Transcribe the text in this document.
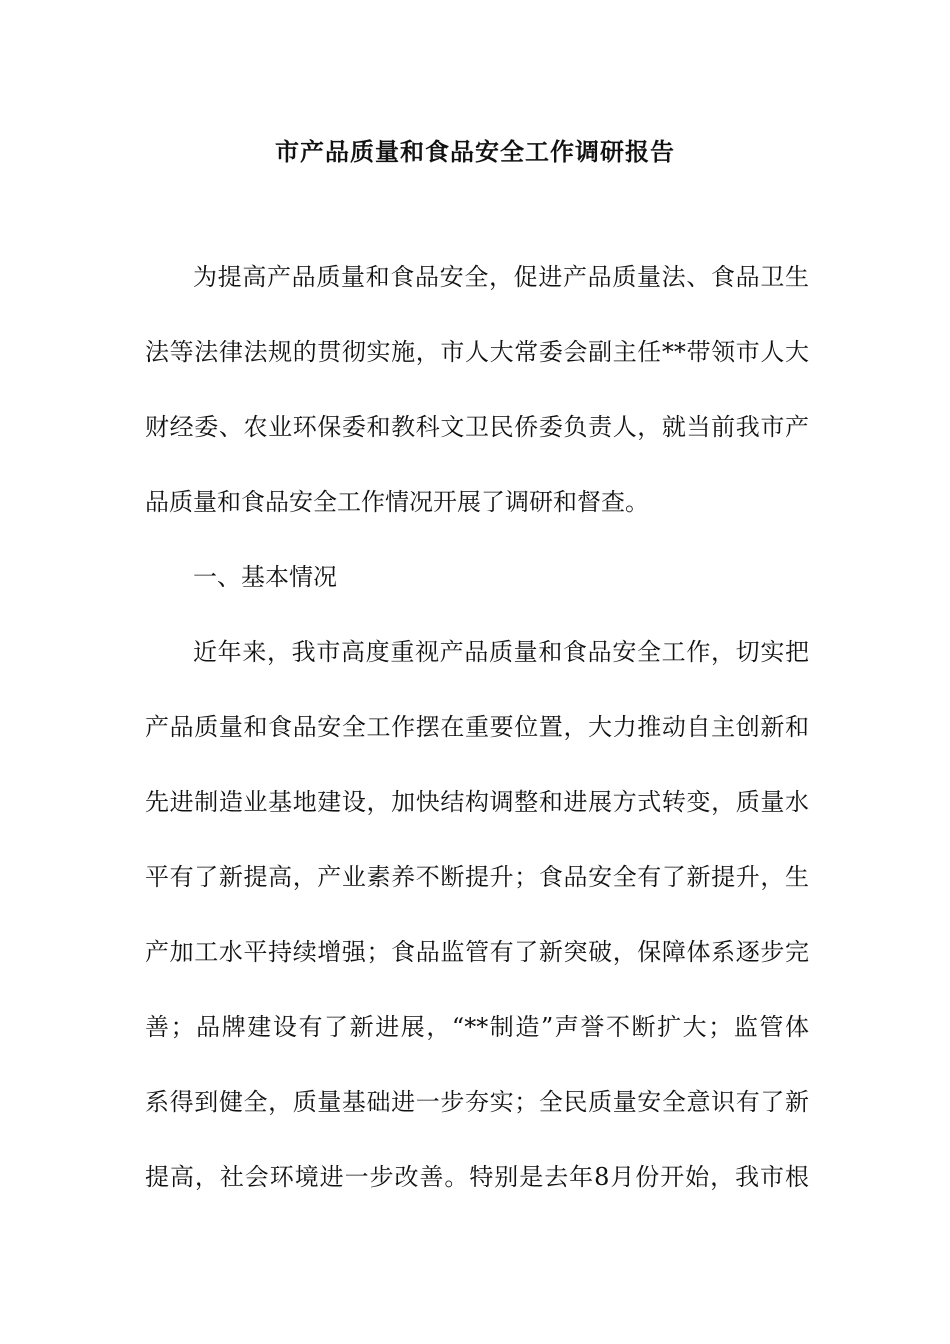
市产品质量和食品安全工作调研报告
为提高产品质量和食品安全，促进产品质量法、食品卫生
法等法律法规的贯彻实施，市人大常委会副主任**带领市人大
财经委、农业环保委和教科文卫民侨委负责人，就当前我市产
品质量和食品安全工作情况开展了调研和督查。
一、基本情况
近年来，我市高度重视产品质量和食品安全工作，切实把
产品质量和食品安全工作摆在重要位置，大力推动自主创新和
先进制造业基地建设，加快结构调整和进展方式转变，质量水
平有了新提高，产业素养不断提升；食品安全有了新提升，生
产加工水平持续增强；食品监管有了新突破，保障体系逐步完
善；品牌建设有了新进展，“**制造”声誉不断扩大；监管体
系得到健全，质量基础进一步夯实；全民质量安全意识有了新
提高，社会环境进一步改善。特别是去年8月份开始，我市根
